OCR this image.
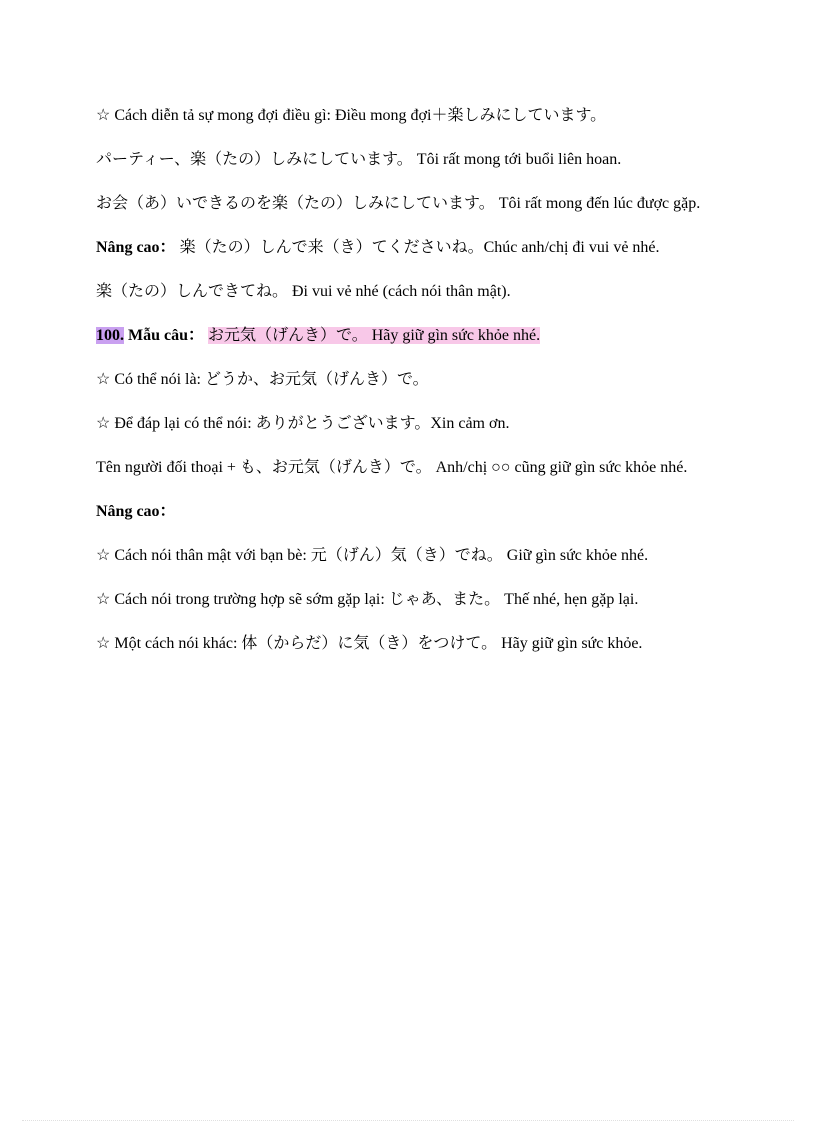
☆ Cách diễn tả sự mong đợi điều gì: Điều mong đợi＋楽しみにしています。

パーティー、楽（たの）しみにしています。 Tôi rất mong tới buổi liên hoan.

お会（あ）いできるのを楽（たの）しみにしています。 Tôi rất mong đến lúc được gặp.

Nâng cao： 楽（たの）しんで来（き）てくださいね。Chúc anh/chị đi vui vẻ nhé.

楽（たの）しんできてね。 Đi vui vẻ nhé (cách nói thân mật).

100. Mẫu câu： お元気（げんき）で。 Hãy giữ gìn sức khỏe nhé.

☆ Có thể nói là: どうか、お元気（げんき）で。

☆ Để đáp lại có thể nói: ありがとうございます。Xin cảm ơn.

Tên người đối thoại + も、お元気（げんき）で。 Anh/chị ○○ cũng giữ gìn sức khỏe nhé.

Nâng cao：

☆ Cách nói thân mật với bạn bè: 元（げん）気（き）でね。 Giữ gìn sức khỏe nhé.

☆ Cách nói trong trường hợp sẽ sớm gặp lại: じゃあ、また。 Thế nhé, hẹn gặp lại.

☆ Một cách nói khác: 体（からだ）に気（き）をつけて。 Hãy giữ gìn sức khỏe.
